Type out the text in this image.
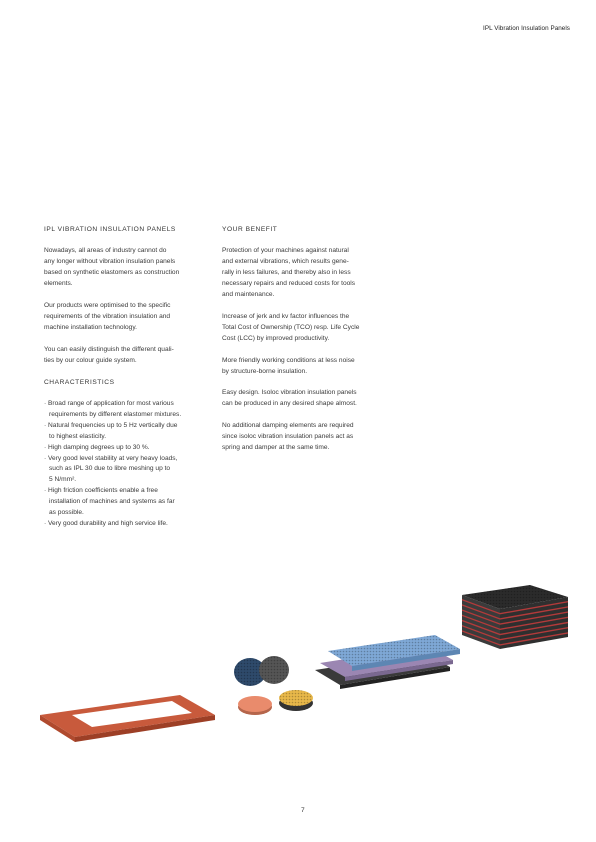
IPL Vibration Insulation Panels
IPL VIBRATION INSULATION PANELS
Nowadays, all areas of industry cannot do
any longer without vibration insulation panels
based on synthetic elastomers as construction
elements.
Our products were optimised to the specific
requirements of the vibration insulation and
machine installation technology.
You can easily distinguish the different quali-
ties by our colour guide system.
CHARACTERISTICS
· Broad range of application for most various
requirements by different elastomer mixtures.
· Natural frequencies up to 5 Hz vertically due
to highest elasticity.
· High damping degrees up to 30 %.
· Very good level stability at very heavy loads,
such as IPL 30 due to libre meshing up to
5 N/mm².
· High friction coefficients enable a free
installation of machines and systems as far
as possible.
· Very good durability and high service life.
YOUR BENEFIT
Protection of your machines against natural
and external vibrations, which results gene-
rally in less failures, and thereby also in less
necessary repairs and reduced costs for tools
and maintenance.
Increase of jerk and kv factor influences the
Total Cost of Ownership (TCO) resp. Life Cycle
Cost (LCC) by improved productivity.
More friendly working conditions at less noise
by structure-borne insulation.
Easy design. Isoloc vibration insulation panels
can be produced in any desired shape almost.
No additional damping elements are required
since isoloc vibration insulation panels act as
spring and damper at the same time.
7
